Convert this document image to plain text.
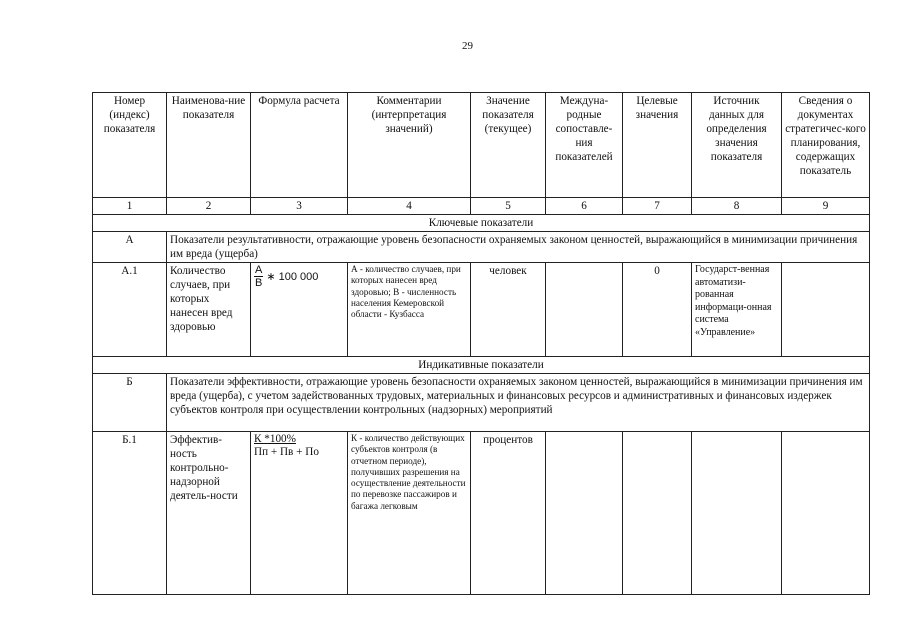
29
Номер (индекс) показателя	Наименова-ние показателя	Формула расчета	Комментарии (интерпретация значений)	Значение показателя (текущее)	Междуна-родные сопоставле-ния показателей	Целевые значения	Источник данных для определения значения показателя	Сведения о документах стратегичес-кого планирования, содержащих показатель
1	2	3	4	5	6	7	8	9
Ключевые показатели								
А	Показатели результативности, отражающие уровень безопасности охраняемых законом ценностей, выражающийся в минимизации причинения им вреда (ущерба)							
А.1	Количество случаев, при которых нанесен вред здоровью	$\frac{A}{B}$ ∗ 100 000	А - количество случаев, при которых нанесен вред здоровью; В - численность населения Кемеровской области - Кузбасса	человек		0	Государст-венная автоматизи-рованная информаци-онная система «Управление»	
Индикативные показатели								
Б	Показатели эффективности, отражающие уровень безопасности охраняемых законом ценностей, выражающийся в минимизации причинения им вреда (ущерба), с учетом задействованных трудовых, материальных и финансовых ресурсов и административных и финансовых издержек субъектов контроля при осуществлении контрольных (надзорных) мероприятий							
Б.1	Эффектив-ность контрольно-надзорной деятель-ности	К *100%
Пп + Пв + По	К - количество действующих субъектов контроля (в отчетном периоде), получивших разрешения на осуществление деятельности по перевозке пассажиров и багажа легковым	процентов				
